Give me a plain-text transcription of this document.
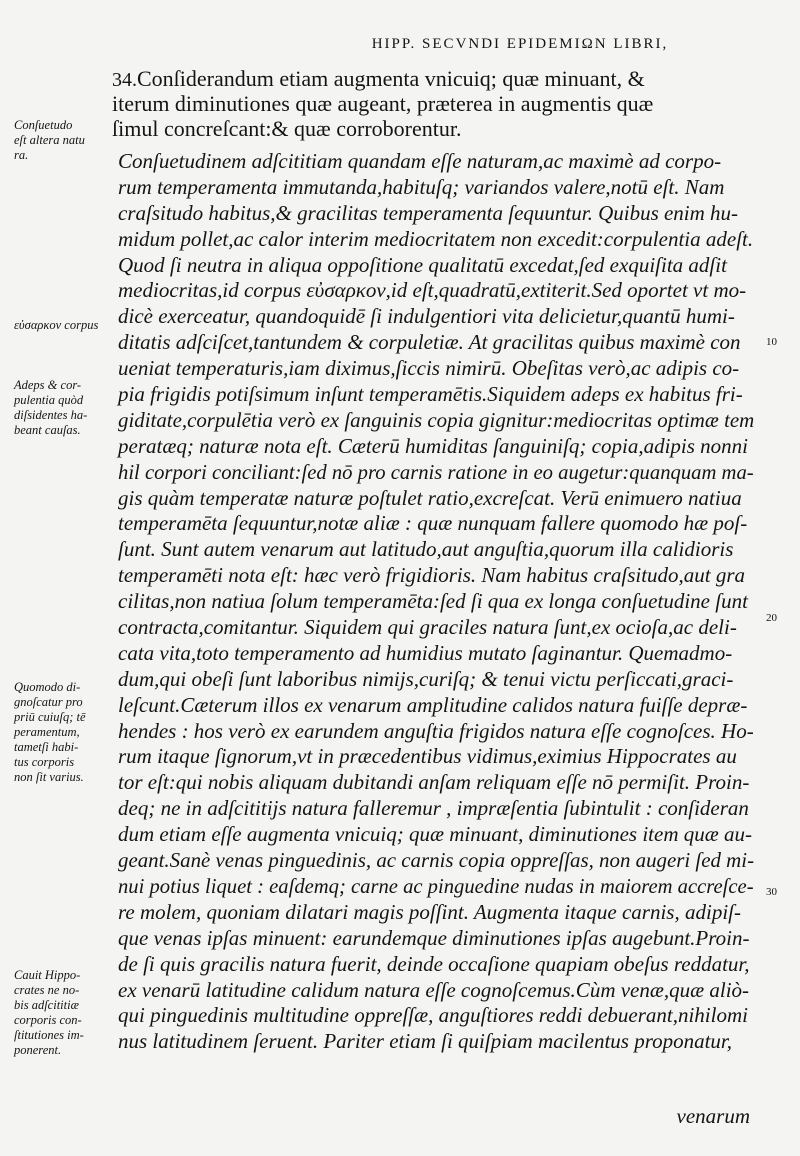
HIPP. SECVNDI EPIDEMIΩN LIBRI,
34.Conſiderandum etiam augmenta vnicuiq; quæ minuant, &
iterum diminutiones quæ augeant, præterea in augmentis quæ
ſimul concreſcant:& quæ corroborentur.
Conſuetudinem adſcititiam quandam eſſe naturam,ac maximè ad corpo-
rum temperamenta immutanda,habituſq; variandos valere,notū eſt. Nam
craſsitudo habitus,& gracilitas temperamenta ſequuntur. Quibus enim hu-
midum pollet,ac calor interim mediocritatem non excedit:corpulentia adeſt.
Quod ſi neutra in aliqua oppoſitione qualitatū excedat,ſed exquiſita adſit
mediocritas,id corpus εὐσαρκον,id eſt,quadratū,extiterit.Sed oportet vt mo-
dicè exerceatur, quandoquidē ſi indulgentiori vita delicietur,quantū humi-
ditatis adſciſcet,tantundem & corpuletiæ. At gracilitas quibus maximè con
ueniat temperaturis,iam diximus,ſiccis nimirū. Obeſitas verò,ac adipis co-
pia frigidis potiſsimum inſunt temperamētis.Siquidem adeps ex habitus fri-
giditate,corpulētia verò ex ſanguinis copia gignitur:mediocritas optimæ tem
peratæq; naturæ nota eſt. Cæterū humiditas ſanguiniſq; copia,adipis nonni
hil corpori conciliant:ſed nō pro carnis ratione in eo augetur:quanquam ma-
gis quàm temperatæ naturæ poſtulet ratio,excreſcat. Verū enimuero natiua
temperamēta ſequuntur,notæ aliæ : quæ nunquam fallere quomodo hæ poſ-
ſunt. Sunt autem venarum aut latitudo,aut anguſtia,quorum illa calidioris
temperamēti nota eſt: hæc verò frigidioris. Nam habitus craſsitudo,aut gra
cilitas,non natiua ſolum temperamēta:ſed ſi qua ex longa conſuetudine ſunt
contracta,comitantur. Siquidem qui graciles natura ſunt,ex ocioſa,ac deli-
cata vita,toto temperamento ad humidius mutato ſaginantur. Quemadmo-
dum,qui obeſi ſunt laboribus nimijs,curiſq; & tenui victu perſiccati,graci-
leſcunt.Cæterum illos ex venarum amplitudine calidos natura fuiſſe depræ-
hendes : hos verò ex earundem anguſtia frigidos natura eſſe cognoſces. Ho-
rum itaque ſignorum,vt in præcedentibus vidimus,eximius Hippocrates au
tor eſt:qui nobis aliquam dubitandi anſam reliquam eſſe nō permiſit. Proin-
deq; ne in adſcititijs natura falleremur , impræſentia ſubintulit : conſideran
dum etiam eſſe augmenta vnicuiq; quæ minuant, diminutiones item quæ au-
geant.Sanè venas pinguedinis, ac carnis copia oppreſſas, non augeri ſed mi-
nui potius liquet : eaſdemq; carne ac pinguedine nudas in maiorem accreſce-
re molem, quoniam dilatari magis poſſint. Augmenta itaque carnis, adipiſ-
que venas ipſas minuent: earundemque diminutiones ipſas augebunt.Proin-
de ſi quis gracilis natura fuerit, deinde occaſione quapiam obeſus reddatur,
ex venarū latitudine calidum natura eſſe cognoſcemus.Cùm venæ,quæ aliò-
qui pinguedinis multitudine oppreſſæ, anguſtiores reddi debuerant,nihilomi
nus latitudinem ſeruent. Pariter etiam ſi quiſpiam macilentus proponatur,
Conſuetudo
eſt altera natu
ra.
εὐσαρκον corpus
Adeps & cor-
pulentia quòd
diſsidentes ha-
beant cauſas.
Quomodo di-
gnoſcatur pro
priū cuiuſq; tē
peramentum,
tametſi habi-
tus corporis
non ſit varius.
Cauit Hippo-
crates ne no-
bis adſcititiæ
corporis con-
ſtitutiones im-
ponerent.
10
20
30
venarum
